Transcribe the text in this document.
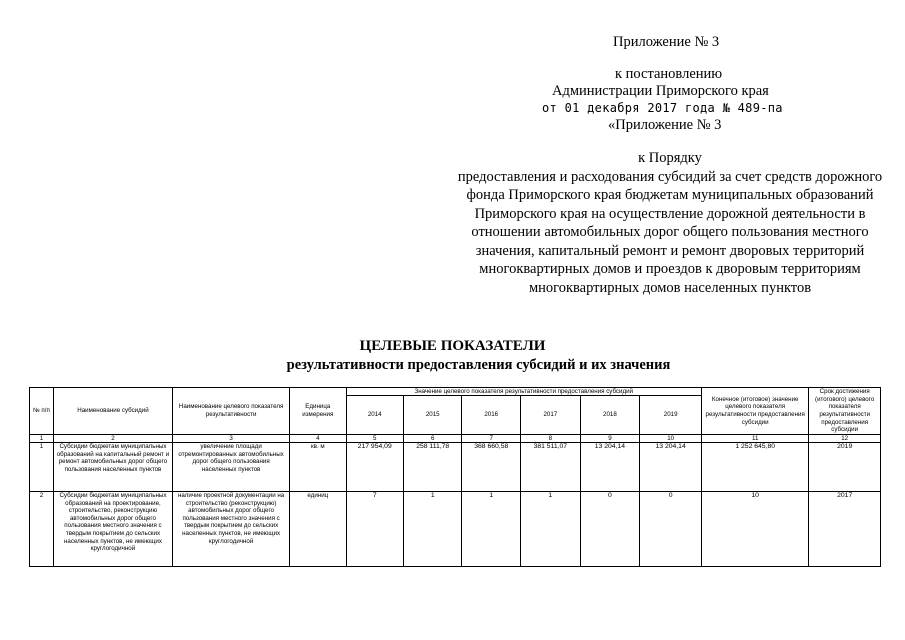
Приложение № 3
к постановлению
Администрации Приморского края
от 01 декабря 2017 года № 489-па
«Приложение № 3
к Порядку
предоставления и расходования субсидий за счет средств дорожного
фонда Приморского края бюджетам муниципальных образований
Приморского края на осуществление дорожной деятельности в
отношении автомобильных дорог общего пользования местного
значения, капитальный ремонт и ремонт дворовых территорий
многоквартирных домов и проездов к дворовым территориям
многоквартирных домов населенных пунктов
ЦЕЛЕВЫЕ ПОКАЗАТЕЛИ
результативности предоставления субсидий и их значения
№ п/п	Наименование субсидий	Наименование целевого показателя результативности	Единица измерения	Значение целевого показателя результативности предоставления субсидий						Конечное (итоговое) значение целевого показателя результативности предоставления субсидии	Срок достижения (итогового) целевого показателя результативности предоставления субсидии
				2014	2015	2016	2017	2018	2019		
1	2	3	4	5	6	7	8	9	10	11	12
1	Субсидии бюджетам муниципальных образований на капитальный ремонт и ремонт автомобильных дорог общего пользования населенных пунктов	увеличение площади отремонтированных автомобильных дорог общего пользования населенных пунктов	кв. м	217 954,09	258 111,78	368 660,58	381 511,07	13 204,14	13 204,14	1 252 645,80	2019
2	Субсидии бюджетам муниципальных образований на проектирование, строительство, реконструкцию автомобильных дорог общего пользования местного значения с твердым покрытием до сельских населенных пунктов, не имеющих круглогодичной	наличие проектной документации на строительство (реконструкцию) автомобильных дорог общего пользования местного значения с твердым покрытием до сельских населенных пунктов, не имеющих круглогодичной	единиц	7	1	1	1	0	0	10	2017
